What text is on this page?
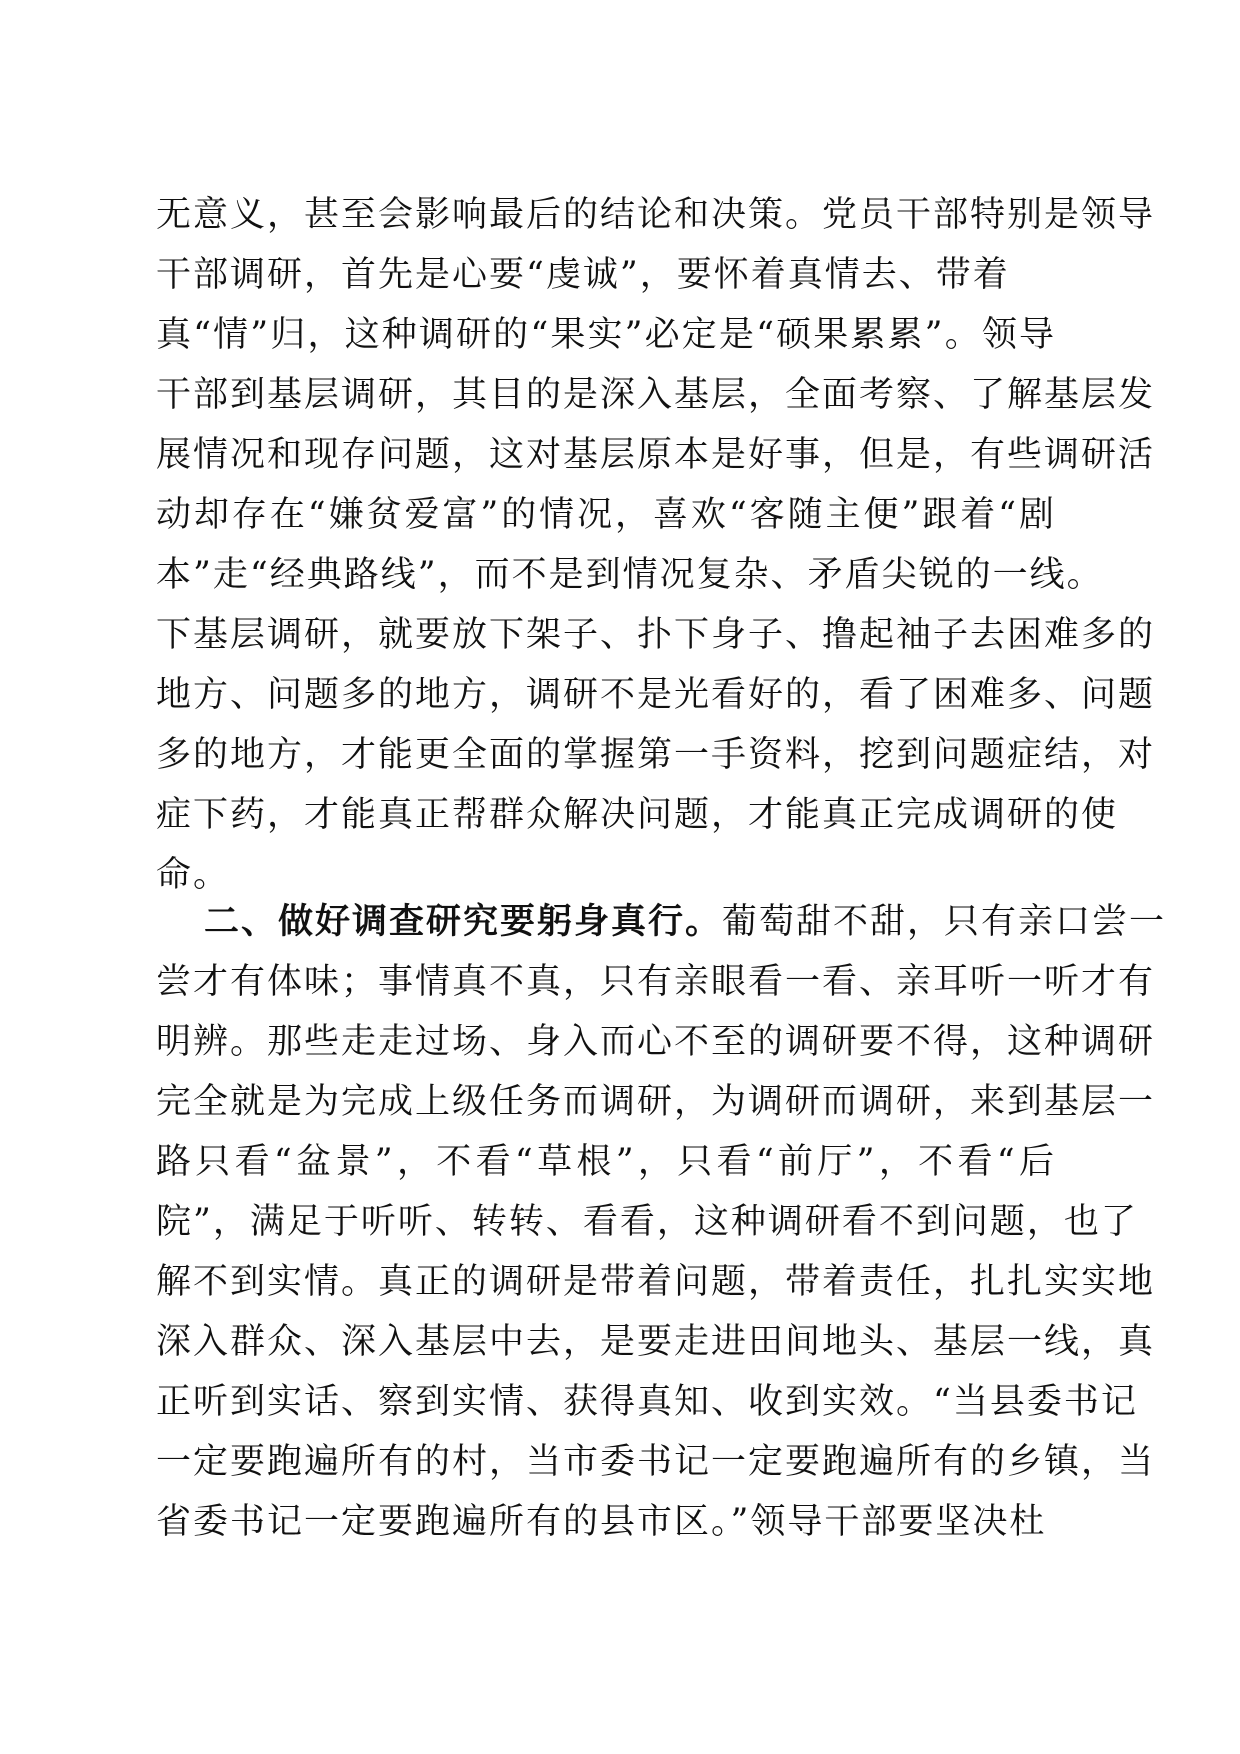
无意义，甚至会影响最后的结论和决策。党员干部特别是领导
干部调研，首先是心要“虔诚”，要怀着真情去、带着
真“情”归，这种调研的“果实”必定是“硕果累累”。领导
干部到基层调研，其目的是深入基层，全面考察、了解基层发
展情况和现存问题，这对基层原本是好事，但是，有些调研活
动却存在“嫌贫爱富”的情况，喜欢“客随主便”跟着“剧
本”走“经典路线”，而不是到情况复杂、矛盾尖锐的一线。
下基层调研，就要放下架子、扑下身子、撸起袖子去困难多的
地方、问题多的地方，调研不是光看好的，看了困难多、问题
多的地方，才能更全面的掌握第一手资料，挖到问题症结，对
症下药，才能真正帮群众解决问题，才能真正完成调研的使
命。
二、做好调查研究要躬身真行。葡萄甜不甜，只有亲口尝一
尝才有体味；事情真不真，只有亲眼看一看、亲耳听一听才有
明辨。那些走走过场、身入而心不至的调研要不得，这种调研
完全就是为完成上级任务而调研，为调研而调研，来到基层一
路只看“盆景”，不看“草根”，只看“前厅”，不看“后
院”，满足于听听、转转、看看，这种调研看不到问题，也了
解不到实情。真正的调研是带着问题，带着责任，扎扎实实地
深入群众、深入基层中去，是要走进田间地头、基层一线，真
正听到实话、察到实情、获得真知、收到实效。“当县委书记
一定要跑遍所有的村，当市委书记一定要跑遍所有的乡镇，当
省委书记一定要跑遍所有的县市区。”领导干部要坚决杜
